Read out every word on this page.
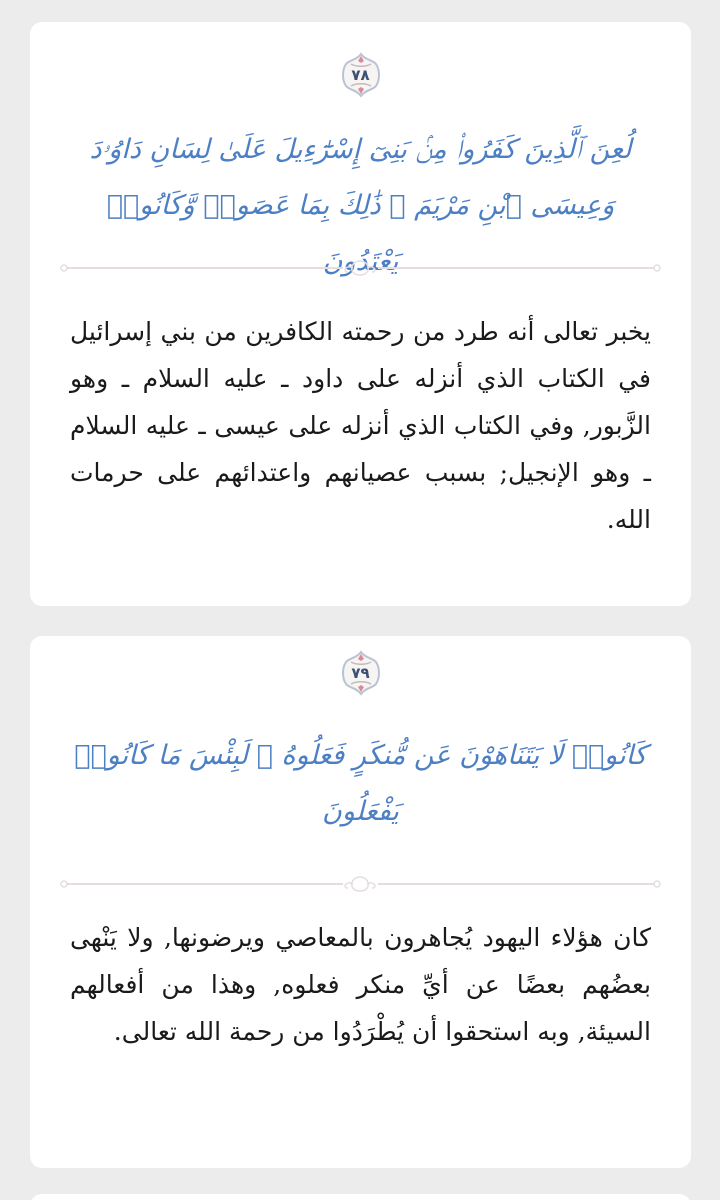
٧٨
لُعِنَ ٱلَّذِينَ كَفَرُوا۟ مِنۢ بَنِىٓ إِسْرَٰٓءِيلَ عَلَىٰ لِسَانِ دَاوُۥدَ
وَعِيسَى ٱبْنِ مَرْيَمَ ۚ ذَٰلِكَ بِمَا عَصَوا۟ وَّكَانُوا۟ يَعْتَدُونَ
يخبر تعالى أنه طرد من رحمته الكافرين من بني إسرائيل في الكتاب الذي أنزله على داود ـ عليه السلام ـ وهو الزَّبور, وفي الكتاب الذي أنزله على عيسى ـ عليه السلام ـ وهو الإنجيل; بسبب عصيانهم واعتدائهم على حرمات الله.
٧٩
كَانُوا۟ لَا يَتَنَاهَوْنَ عَن مُّنكَرٍ فَعَلُوهُ ۚ لَبِئْسَ مَا كَانُوا۟
يَفْعَلُونَ
كان هؤلاء اليهود يُجاهرون بالمعاصي ويرضونها, ولا يَنْهى بعضُهم بعضًا عن أيِّ منكر فعلوه, وهذا من أفعالهم السيئة, وبه استحقوا أن يُطْرَدُوا من رحمة الله تعالى.
